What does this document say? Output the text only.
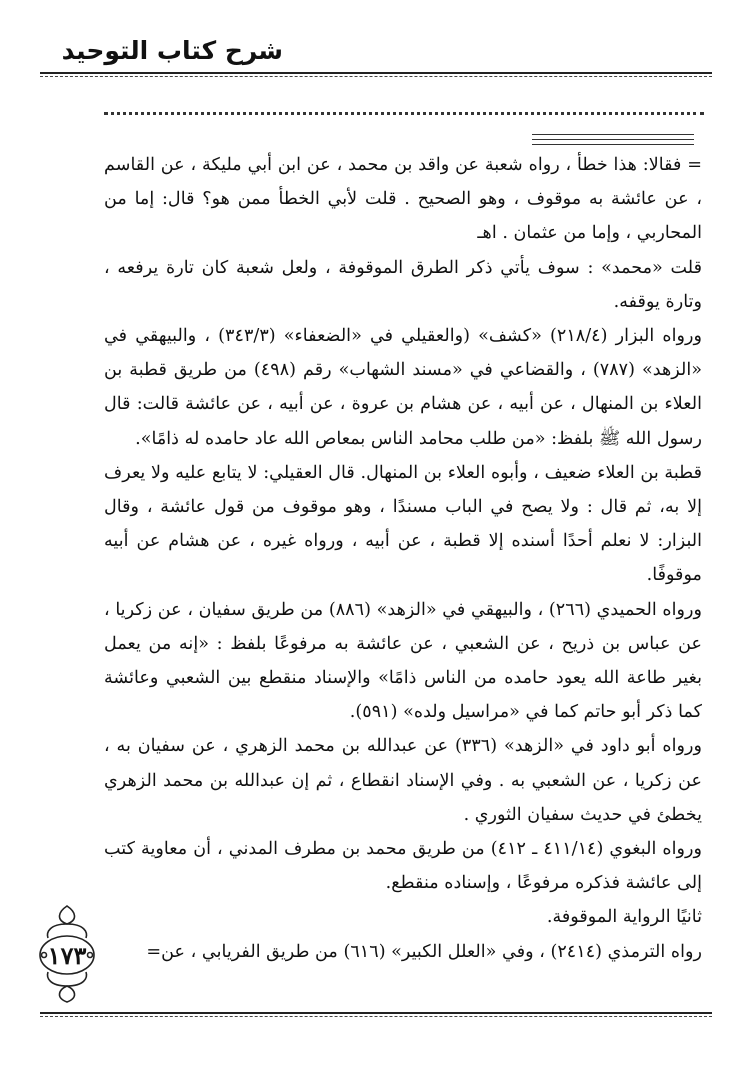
شرح كتاب التوحيد

= فقالا: هذا خطأ ، رواه شعبة عن واقد بن محمد ، عن ابن أبي مليكة ، عن القاسم ، عن عائشة به موقوف ، وهو الصحيح . قلت لأبي الخطأ ممن هو؟ قال: إما من المحاربي ، وإما من عثمان . اهـ

قلت «محمد» : سوف يأتي ذكر الطرق الموقوفة ، ولعل شعبة كان تارة يرفعه ، وتارة يوقفه.

ورواه البزار (٢١٨/٤) «كشف» (والعقيلي في «الضعفاء» (٣٤٣/٣) ، والبيهقي في «الزهد» (٧٨٧) ، والقضاعي في «مسند الشهاب» رقم (٤٩٨) من طريق قطبة بن العلاء بن المنهال ، عن أبيه ، عن هشام بن عروة ، عن أبيه ، عن عائشة قالت: قال رسول الله ﷺ بلفظ: «من طلب محامد الناس بمعاص الله عاد حامده له ذامًا».

قطبة بن العلاء ضعيف ، وأبوه العلاء بن المنهال. قال العقيلي: لا يتابع عليه ولا يعرف إلا به، ثم قال : ولا يصح في الباب مسندًا ، وهو موقوف من قول عائشة ، وقال البزار: لا نعلم أحدًا أسنده إلا قطبة ، عن أبيه ، ورواه غيره ، عن هشام عن أبيه موقوفًا.

ورواه الحميدي (٢٦٦) ، والبيهقي في «الزهد» (٨٨٦) من طريق سفيان ، عن زكريا ، عن عباس بن ذريح ، عن الشعبي ، عن عائشة به مرفوعًا بلفظ : «إنه من يعمل بغير طاعة الله يعود حامده من الناس ذامًا» والإسناد منقطع بين الشعبي وعائشة كما ذكر أبو حاتم كما في «مراسيل ولده» (٥٩١).

ورواه أبو داود في «الزهد» (٣٣٦) عن عبدالله بن محمد الزهري ، عن سفيان به ، عن زكريا ، عن الشعبي به . وفي الإسناد انقطاع ، ثم إن عبدالله بن محمد الزهري يخطئ في حديث سفيان الثوري .

ورواه البغوي (٤١١/١٤ ـ ٤١٢) من طريق محمد بن مطرف المدني ، أن معاوية كتب إلى عائشة فذكره مرفوعًا ، وإسناده منقطع.

ثانيًا الرواية الموقوفة.

رواه الترمذي (٢٤١٤) ، وفي «العلل الكبير» (٦١٦) من طريق الفريابي ، عن=

١٧٣
